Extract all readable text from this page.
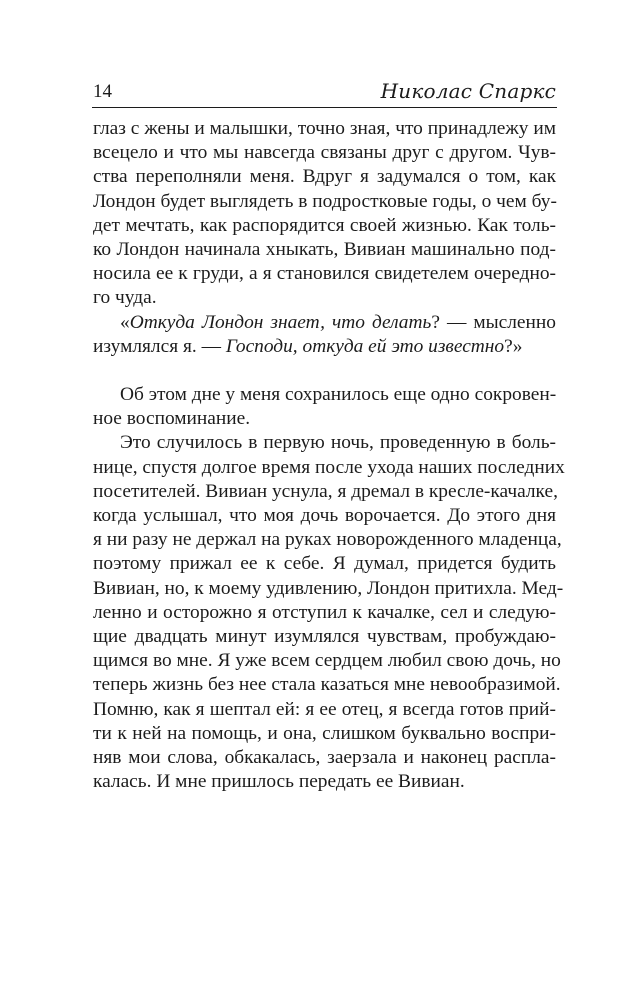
14	Николас Спаркс
глаз с жены и малышки, точно зная, что принадлежу им
всецело и что мы навсегда связаны друг с другом. Чув-
ства переполняли меня. Вдруг я задумался о том, как
Лондон будет выглядеть в подростковые годы, о чем бу-
дет мечтать, как распорядится своей жизнью. Как толь-
ко Лондон начинала хныкать, Вивиан машинально под-
носила ее к груди, а я становился свидетелем очередно-
го чуда.
«Откуда Лондон знает, что делать? — мысленно
изумлялся я. — Господи, откуда ей это известно?»
Об этом дне у меня сохранилось еще одно сокровен-
ное воспоминание.
Это случилось в первую ночь, проведенную в боль-
нице, спустя долгое время после ухода наших последних
посетителей. Вивиан уснула, я дремал в кресле-качалке,
когда услышал, что моя дочь ворочается. До этого дня
я ни разу не держал на руках новорожденного младенца,
поэтому прижал ее к себе. Я думал, придется будить
Вивиан, но, к моему удивлению, Лондон притихла. Мед-
ленно и осторожно я отступил к качалке, сел и следую-
щие двадцать минут изумлялся чувствам, пробуждаю-
щимся во мне. Я уже всем сердцем любил свою дочь, но
теперь жизнь без нее стала казаться мне невообразимой.
Помню, как я шептал ей: я ее отец, я всегда готов прий-
ти к ней на помощь, и она, слишком буквально воспри-
няв мои слова, обкакалась, заерзала и наконец распла-
калась. И мне пришлось передать ее Вивиан.
